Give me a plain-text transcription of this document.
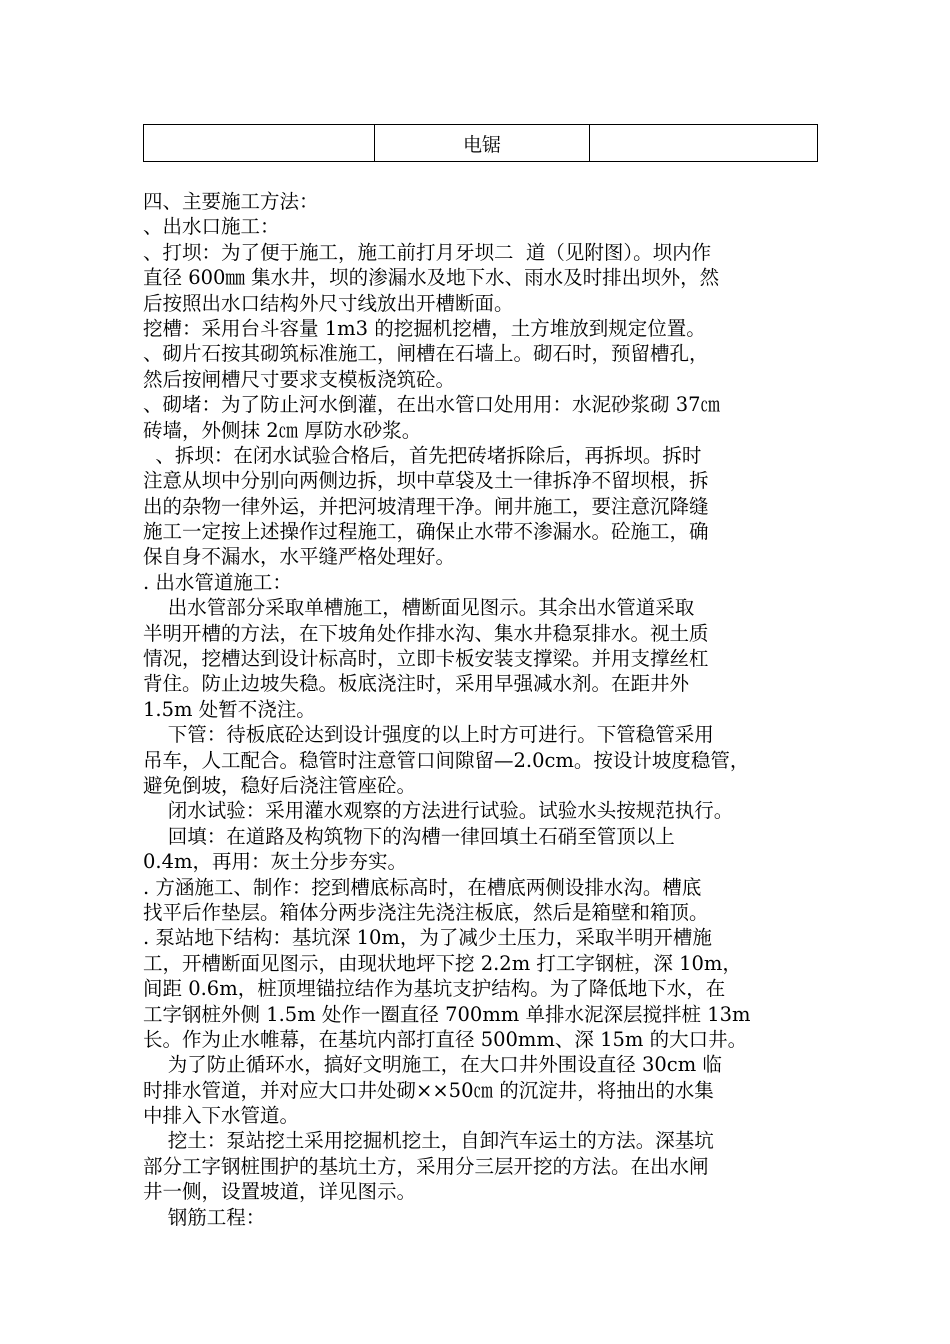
电锯
四、主要施工方法：
、出水口施工：
、打坝：为了便于施工，施工前打月牙坝二  道（见附图）。坝内作
直径 600㎜ 集水井，坝的渗漏水及地下水、雨水及时排出坝外，然
后按照出水口结构外尺寸线放出开槽断面。
挖槽：采用台斗容量 1m3 的挖掘机挖槽，土方堆放到规定位置。
、砌片石按其砌筑标准施工，闸槽在石墙上。砌石时，预留槽孔，
然后按闸槽尺寸要求支模板浇筑砼。
、砌堵：为了防止河水倒灌，在出水管口处用用：水泥砂浆砌 37㎝
砖墙，外侧抹 2㎝ 厚防水砂浆。
、拆坝：在闭水试验合格后，首先把砖堵拆除后，再拆坝。拆时
注意从坝中分别向两侧边拆，坝中草袋及土一律拆净不留坝根，拆
出的杂物一律外运，并把河坡清理干净。闸井施工，要注意沉降缝
施工一定按上述操作过程施工，确保止水带不渗漏水。砼施工，确
保自身不漏水，水平缝严格处理好。
. 出水管道施工：
出水管部分采取单槽施工，槽断面见图示。其余出水管道采取
半明开槽的方法，在下坡角处作排水沟、集水井稳泵排水。视土质
情况，挖槽达到设计标高时，立即卡板安装支撑梁。并用支撑丝杠
背住。防止边坡失稳。板底浇注时，采用早强减水剂。在距井外
1.5m 处暂不浇注。
下管：待板底砼达到设计强度的以上时方可进行。下管稳管采用
吊车，人工配合。稳管时注意管口间隙留—2.0cm。按设计坡度稳管，
避免倒坡，稳好后浇注管座砼。
闭水试验：采用灌水观察的方法进行试验。试验水头按规范执行。
回填：在道路及构筑物下的沟槽一律回填土石硝至管顶以上
0.4m，再用：灰土分步夯实。
. 方涵施工、制作：挖到槽底标高时，在槽底两侧设排水沟。槽底
找平后作垫层。箱体分两步浇注先浇注板底，然后是箱壁和箱顶。
. 泵站地下结构：基坑深 10m，为了减少土压力，采取半明开槽施
工，开槽断面见图示，由现状地坪下挖 2.2m 打工字钢桩，深 10m，
间距 0.6m，桩顶埋锚拉结作为基坑支护结构。为了降低地下水，在
工字钢桩外侧 1.5m 处作一圈直径 700mm 单排水泥深层搅拌桩 13m
长。作为止水帷幕，在基坑内部打直径 500mm、深 15m 的大口井。
为了防止循环水，搞好文明施工，在大口井外围设直径 30cm 临
时排水管道，并对应大口井处砌××50㎝ 的沉淀井，将抽出的水集
中排入下水管道。
挖土：泵站挖土采用挖掘机挖土，自卸汽车运土的方法。深基坑
部分工字钢桩围护的基坑土方，采用分三层开挖的方法。在出水闸
井一侧，设置坡道，详见图示。
钢筋工程：
